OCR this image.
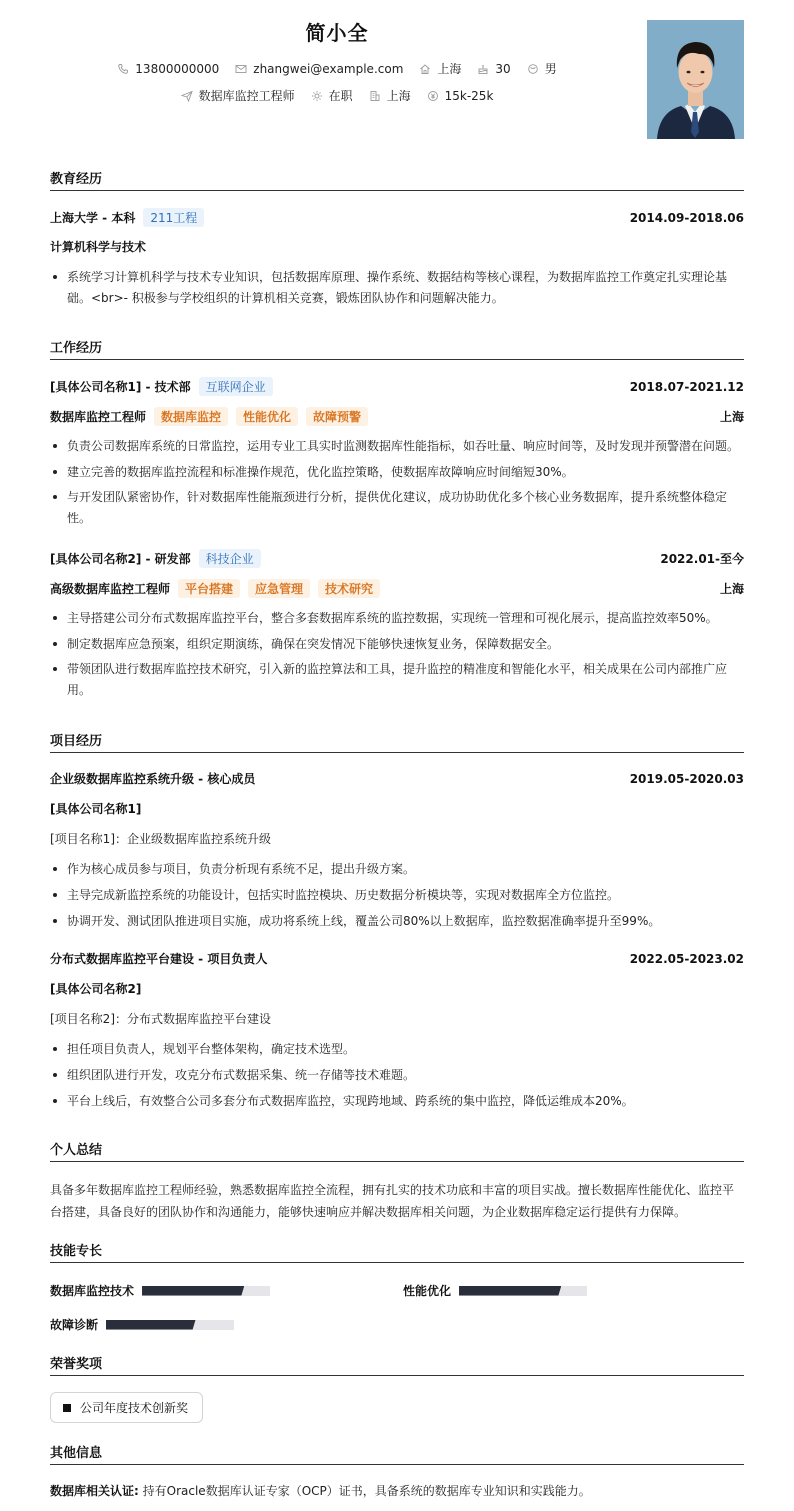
简小全
13800000000	zhangwei@example.com	上海	30	男
数据库监控工程师	在职	上海	15k-25k
教育经历
上海大学 - 本科	211工程	2014.09-2018.06
计算机科学与技术
系统学习计算机科学与技术专业知识，包括数据库原理、操作系统、数据结构等核心课程，为数据库监控工作奠定扎实理论基
础。<br>- 积极参与学校组织的计算机相关竞赛，锻炼团队协作和问题解决能力。
工作经历
[具体公司名称1] - 技术部	互联网企业	2018.07-2021.12
数据库监控工程师	数据库监控	性能优化	故障预警	上海
负责公司数据库系统的日常监控，运用专业工具实时监测数据库性能指标，如吞吐量、响应时间等，及时发现并预警潜在问题。
建立完善的数据库监控流程和标准操作规范，优化监控策略，使数据库故障响应时间缩短30%。
与开发团队紧密协作，针对数据库性能瓶颈进行分析，提供优化建议，成功协助优化多个核心业务数据库，提升系统整体稳定
性。
[具体公司名称2] - 研发部	科技企业	2022.01-至今
高级数据库监控工程师	平台搭建	应急管理	技术研究	上海
主导搭建公司分布式数据库监控平台，整合多套数据库系统的监控数据，实现统一管理和可视化展示，提高监控效率50%。
制定数据库应急预案，组织定期演练，确保在突发情况下能够快速恢复业务，保障数据安全。
带领团队进行数据库监控技术研究，引入新的监控算法和工具，提升监控的精准度和智能化水平，相关成果在公司内部推广应
用。
项目经历
企业级数据库监控系统升级 - 核心成员	2019.05-2020.03
[具体公司名称1]
[项目名称1]：企业级数据库监控系统升级
作为核心成员参与项目，负责分析现有系统不足，提出升级方案。
主导完成新监控系统的功能设计，包括实时监控模块、历史数据分析模块等，实现对数据库全方位监控。
协调开发、测试团队推进项目实施，成功将系统上线，覆盖公司80%以上数据库，监控数据准确率提升至99%。
分布式数据库监控平台建设 - 项目负责人	2022.05-2023.02
[具体公司名称2]
[项目名称2]：分布式数据库监控平台建设
担任项目负责人，规划平台整体架构，确定技术选型。
组织团队进行开发，攻克分布式数据采集、统一存储等技术难题。
平台上线后，有效整合公司多套分布式数据库监控，实现跨地域、跨系统的集中监控，降低运维成本20%。
个人总结
具备多年数据库监控工程师经验，熟悉数据库监控全流程，拥有扎实的技术功底和丰富的项目实战。擅长数据库性能优化、监控平
台搭建，具备良好的团队协作和沟通能力，能够快速响应并解决数据库相关问题，为企业数据库稳定运行提供有力保障。
技能专长
数据库监控技术	性能优化
故障诊断
荣誉奖项
公司年度技术创新奖
其他信息
数据库相关认证: 持有Oracle数据库认证专家（OCP）证书，具备系统的数据库专业知识和实践能力。
